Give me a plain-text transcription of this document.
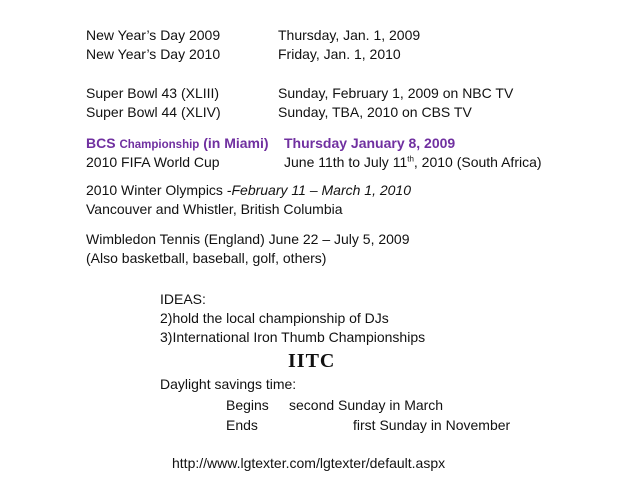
New Year’s Day 2009	Thursday, Jan. 1, 2009
New Year’s Day 2010	Friday, Jan. 1, 2010
Super Bowl 43 (XLIII)	Sunday, February 1, 2009 on NBC TV
Super Bowl 44 (XLIV)	Sunday, TBA, 2010 on CBS TV
BCS Championship (in Miami) Thursday January 8, 2009
2010 FIFA World Cup	June 11th to July 11th, 2010 (South Africa)
2010 Winter Olympics -February 11 – March 1, 2010
Vancouver and Whistler, British Columbia
Wimbledon Tennis (England) June 22 – July 5, 2009
(Also basketball, baseball, golf, others)
IDEAS:
2)hold the local championship of DJs
3)International Iron Thumb Championships
IITC
Daylight savings time:
Begins second Sunday in March
Ends	first Sunday in November
http://www.lgtexter.com/lgtexter/default.aspx
